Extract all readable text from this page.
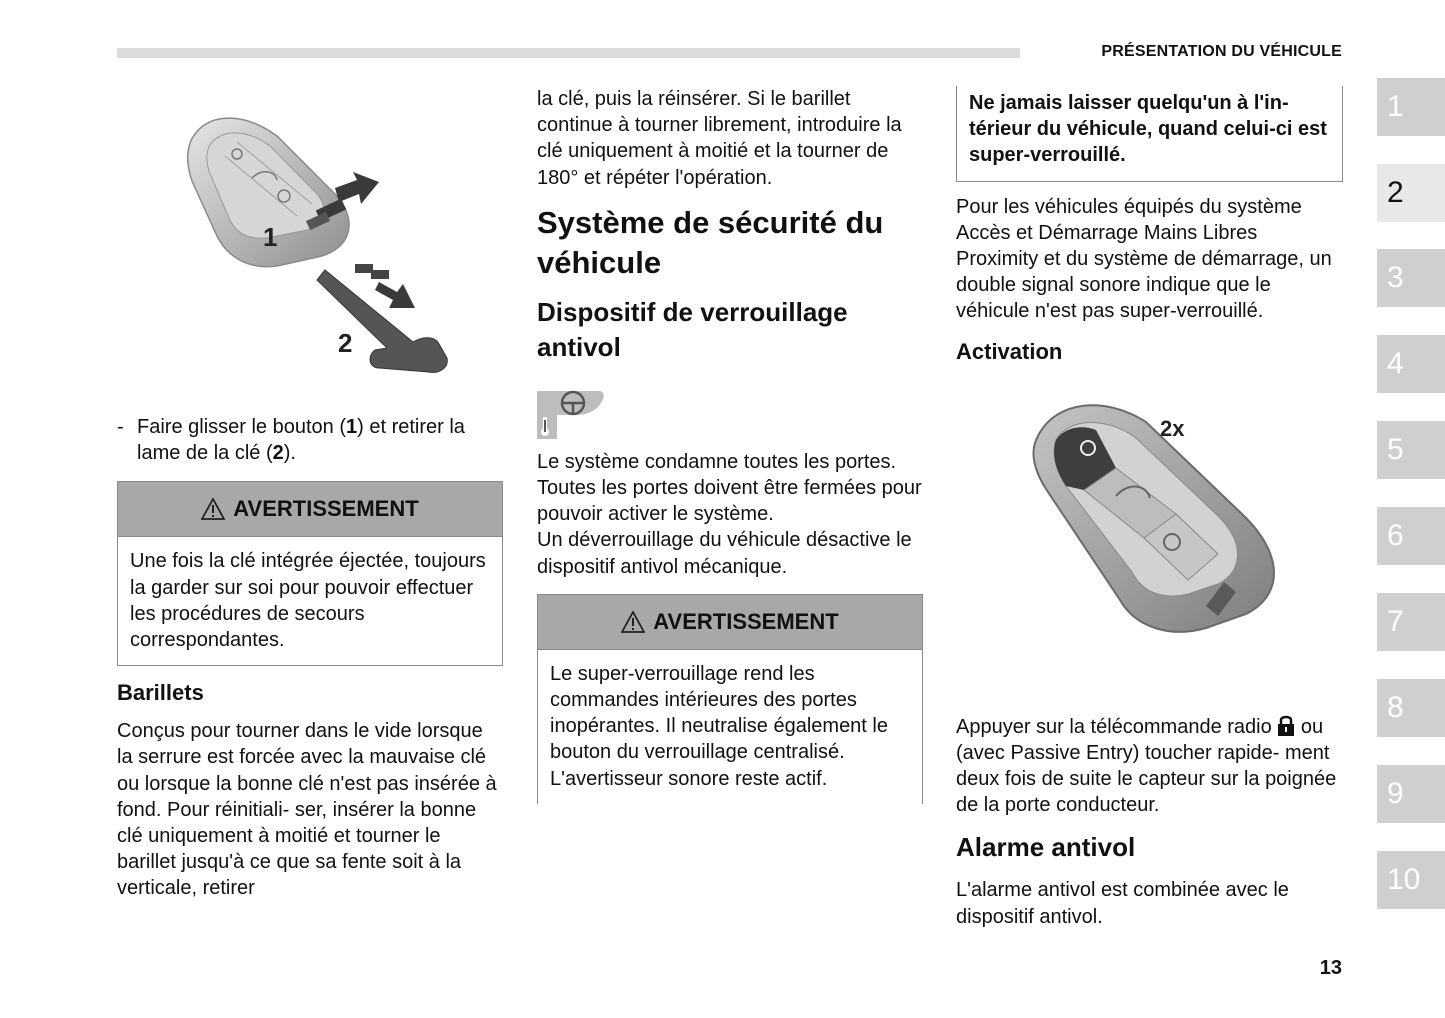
PRÉSENTATION DU VÉHICULE
1
2
- Faire glisser le bouton (1) et retirer la lame de la clé (2).
AVERTISSEMENT
Une fois la clé intégrée éjectée, toujours la garder sur soi pour pouvoir effectuer les procédures de secours correspondantes.
Barillets
Conçus pour tourner dans le vide lorsque la serrure est forcée avec la mauvaise clé ou lorsque la bonne clé n'est pas insérée à fond. Pour réinitiali- ser, insérer la bonne clé uniquement à moitié et tourner le barillet jusqu'à ce que sa fente soit à la verticale, retirer
la clé, puis la réinsérer. Si le barillet continue à tourner librement, introduire la clé uniquement à moitié et la tourner de 180° et répéter l'opération.
Système de sécurité du véhicule
Dispositif de verrouillage antivol
Le système condamne toutes les portes.
Toutes les portes doivent être fermées pour pouvoir activer le système.
Un déverrouillage du véhicule désactive le dispositif antivol mécanique.
AVERTISSEMENT
Le super-verrouillage rend les commandes intérieures des portes inopérantes. Il neutralise également le bouton du verrouillage centralisé. L'avertisseur sonore reste actif.
Ne jamais laisser quelqu'un à l'in- térieur du véhicule, quand celui-ci est super-verrouillé.
Pour les véhicules équipés du système Accès et Démarrage Mains Libres Proximity et du système de démarrage, un double signal sonore indique que le véhicule n'est pas super-verrouillé.
Activation
2x
Appuyer sur la télécommande radio ou (avec Passive Entry) toucher rapide- ment deux fois de suite le capteur sur la poignée de la porte conducteur.
Alarme antivol
L'alarme antivol est combinée avec le dispositif antivol.
1
2
3
4
5
6
7
8
9
10
13
